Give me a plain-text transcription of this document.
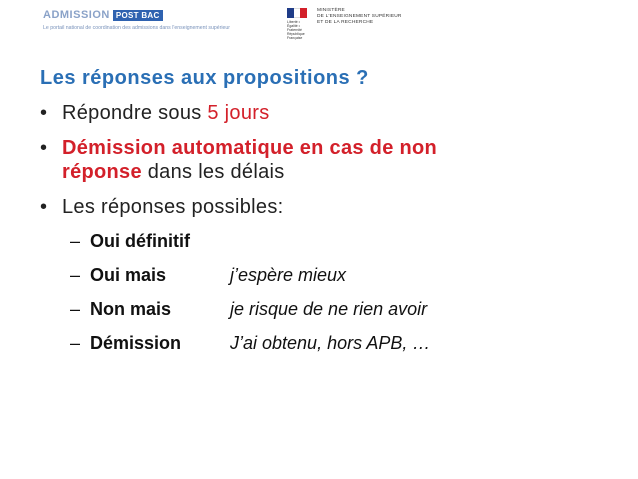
ADMISSION POST BAC
Le portail national de coordination des admissions dans l'enseignement supérieur
Liberté • Égalité • Fraternité
République Française
MINISTÈRE
DE L'ENSEIGNEMENT SUPÉRIEUR
ET DE LA RECHERCHE
Les réponses aux propositions ?
• Répondre sous 5 jours
• Démission automatique en cas de non
réponse dans les délais
• Les réponses possibles:
– Oui définitif
– Oui mais	j’espère mieux
– Non mais	je risque de ne rien avoir
– Démission	J’ai obtenu, hors APB, …
